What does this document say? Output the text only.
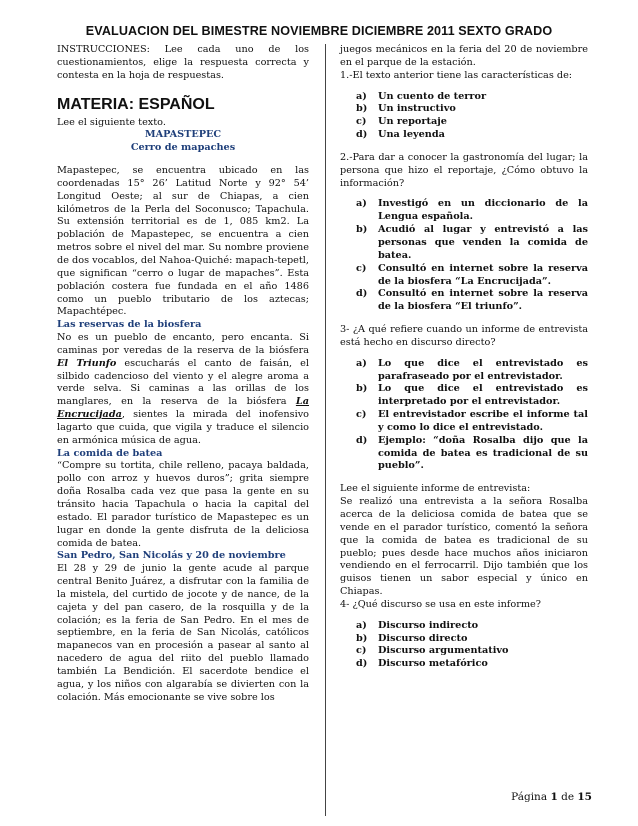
EVALUACION DEL BIMESTRE NOVIEMBRE DICIEMBRE 2011 SEXTO GRADO

INSTRUCCIONES: Lee cada uno de los cuestionamientos, elige la respuesta correcta y contesta en la hoja de respuestas.

MATERIA: ESPAÑOL

Lee el siguiente texto.

MAPASTEPEC
Cerro de mapaches

Mapastepec, se encuentra ubicado en las coordenadas 15° 26’ Latitud Norte y 92° 54’ Longitud Oeste; al sur de Chiapas, a cien kilómetros de la Perla del Soconusco; Tapachula. Su extensión territorial es de 1, 085 km2. La población de Mapastepec, se encuentra a cien metros sobre el nivel del mar. Su nombre proviene de dos vocablos, del Nahoa-Quiché: mapach-tepetl, que significan “cerro o lugar de mapaches”. Esta población costera fue fundada en el año 1486 como un pueblo tributario de los aztecas; Mapachtépec.

Las reservas de la biosfera

No es un pueblo de encanto, pero encanta. Si caminas por veredas de la reserva de la biósfera El Triunfo escucharás el canto de faisán, el silbido cadencioso del viento y el alegre aroma a verde selva. Si caminas a las orillas de los manglares, en la reserva de la biósfera La Encrucijada, sientes la mirada del inofensivo lagarto que cuida, que vigila y traduce el silencio en armónica música de agua.

La comida de batea

“Compre su tortita, chile relleno, pacaya baldada, pollo con arroz y huevos duros”; grita siempre doña Rosalba cada vez que pasa la gente en su tránsito hacia Tapachula o hacia la capital del estado. El parador turístico de Mapastepec es un lugar en donde la gente disfruta de la deliciosa comida de batea.

San Pedro, San Nicolás y 20 de noviembre

El 28 y 29 de junio la gente acude al parque central Benito Juárez, a disfrutar con la familia de la mistela, del curtido de jocote y de nance, de la cajeta y del pan casero, de la rosquilla y de la colación; es la feria de San Pedro. En el mes de septiembre, en la feria de San Nicolás, católicos mapanecos van en procesión a pasear al santo al nacedero de agua del riito del pueblo llamado también La Bendición. El sacerdote bendice el agua, y los niños con algarabía se divierten con la colación. Más emocionante se vive sobre los

juegos mecánicos en la feria del 20 de noviembre en el parque de la estación.

1.-El texto anterior tiene las características de:

a)	Un cuento de terror
b)	Un instructivo
c)	Un reportaje
d)	Una leyenda

2.-Para dar a conocer la gastronomía del lugar; la persona que hizo el reportaje, ¿Cómo obtuvo la información?

a)	Investigó en un diccionario de la Lengua española.
b)	Acudió al lugar y entrevistó a las personas que venden la comida de batea.
c)	Consultó en internet sobre la reserva de la biosfera “La Encrucijada”.
d)	Consultó en internet sobre la reserva de la biosfera “El triunfo”.

3- ¿A qué refiere cuando un informe de entrevista está hecho en discurso directo?

a)	Lo que dice el entrevistado es parafraseado por el entrevistador.
b)	Lo que dice el entrevistado es interpretado por el entrevistador.
c)	El entrevistador escribe el informe tal y como lo dice el entrevistado.
d)	Ejemplo: “doña Rosalba dijo que la comida de batea es tradicional de su pueblo”.

Lee el siguiente informe de entrevista:

Se realizó una entrevista a la señora Rosalba acerca de la deliciosa comida de batea que se vende en el parador turístico, comentó la señora que la comida de batea es tradicional de su pueblo; pues desde hace muchos años iniciaron vendiendo en el ferrocarril. Dijo también que los guisos tienen un sabor especial y único en Chiapas.

4- ¿Qué discurso se usa en este informe?

a)	Discurso indirecto
b)	Discurso directo
c)	Discurso argumentativo
d)	Discurso metafórico
Página 1 de 15
